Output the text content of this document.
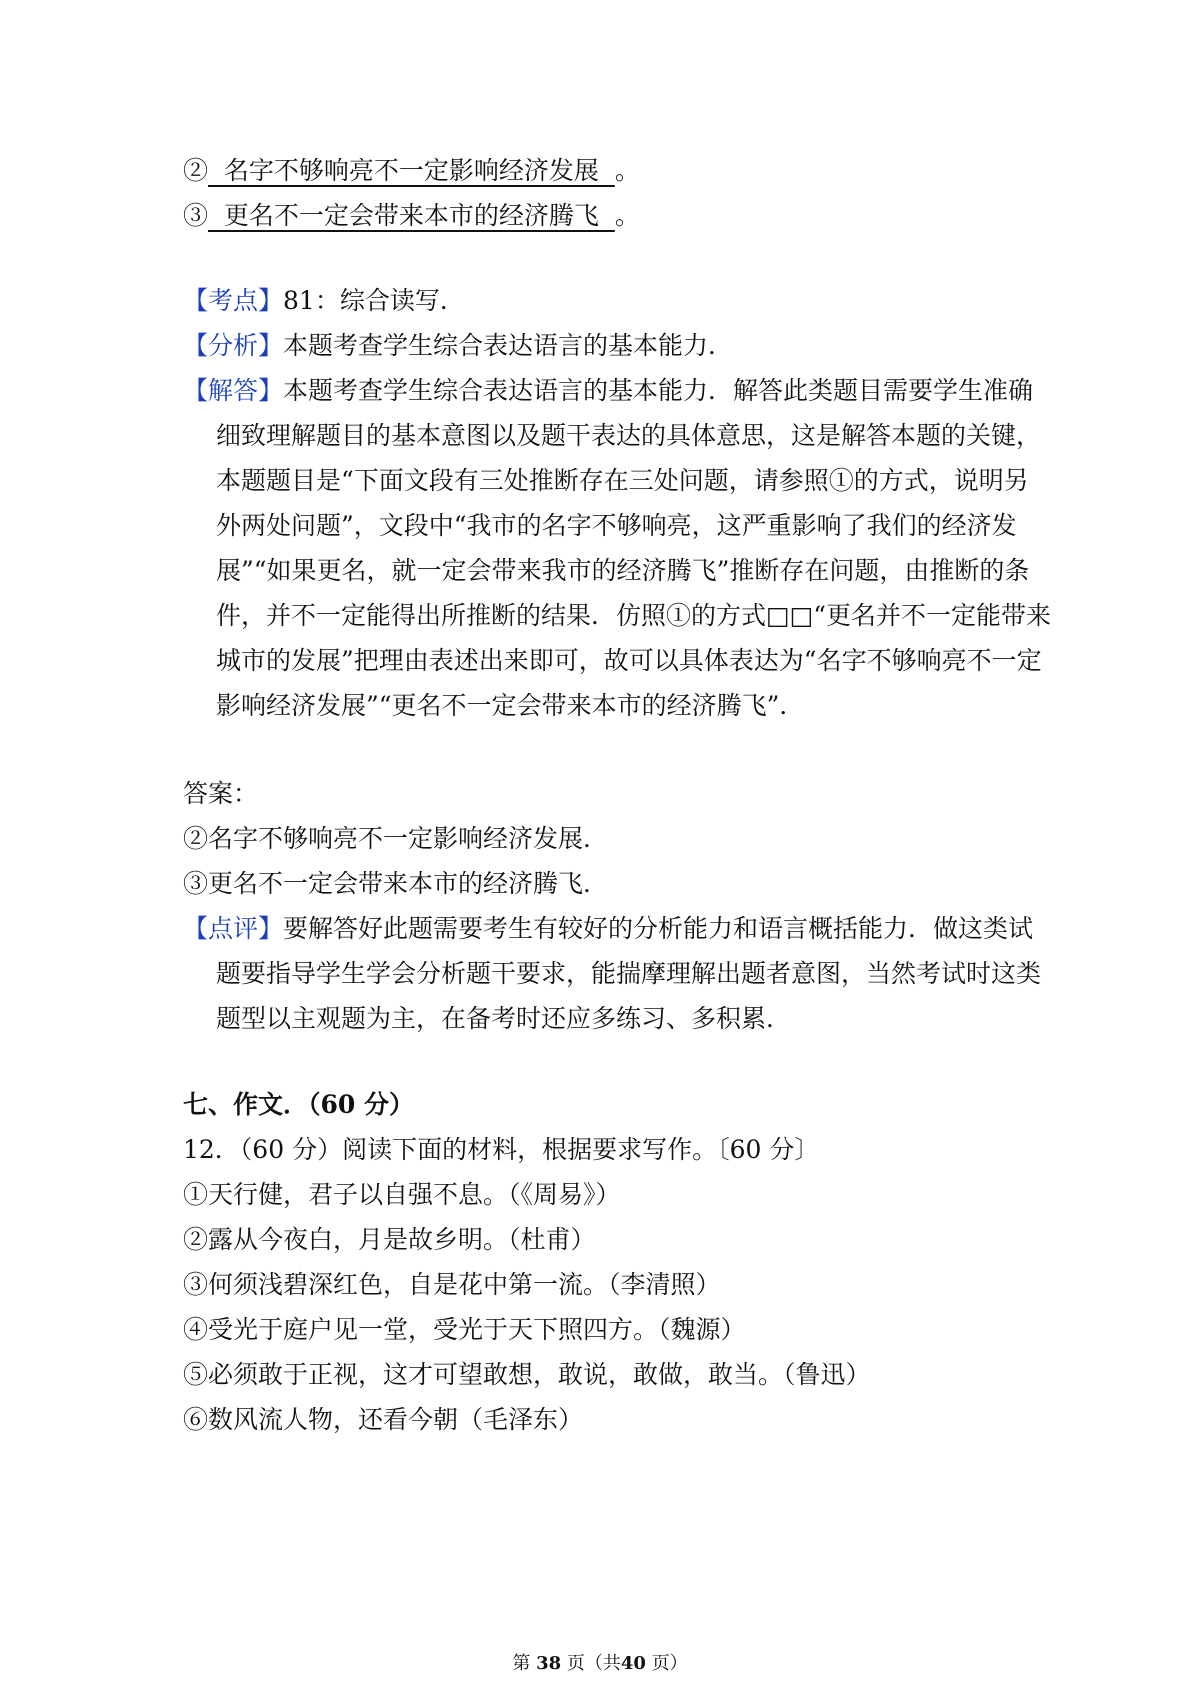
②  名字不够响亮不一定影响经济发展  。
③  更名不一定会带来本市的经济腾飞  。
【考点】81：综合读写．
【分析】本题考查学生综合表达语言的基本能力．
【解答】本题考查学生综合表达语言的基本能力．解答此类题目需要学生准确
细致理解题目的基本意图以及题干表达的具体意思，这是解答本题的关键，
本题题目是“下面文段有三处推断存在三处问题，请参照①的方式，说明另
外两处问题”，文段中“我市的名字不够响亮，这严重影响了我们的经济发
展”“如果更名，就一定会带来我市的经济腾飞”推断存在问题，由推断的条
件，并不一定能得出所推断的结果．仿照①的方式□□“更名并不一定能带来
城市的发展”把理由表述出来即可，故可以具体表达为“名字不够响亮不一定
影响经济发展”“更名不一定会带来本市的经济腾飞”．
答案：
②名字不够响亮不一定影响经济发展．
③更名不一定会带来本市的经济腾飞．
【点评】要解答好此题需要考生有较好的分析能力和语言概括能力．做这类试
题要指导学生学会分析题干要求，能揣摩理解出题者意图，当然考试时这类
题型以主观题为主，在备考时还应多练习、多积累．
七、作文．（60 分）
12．（60 分）阅读下面的材料，根据要求写作。〔60 分〕
①天行健，君子以自强不息。（《周易》）
②露从今夜白，月是故乡明。（杜甫）
③何须浅碧深红色，自是花中第一流。（李清照）
④受光于庭户见一堂，受光于天下照四方。（魏源）
⑤必须敢于正视，这才可望敢想，敢说，敢做，敢当。（鲁迅）
⑥数风流人物，还看今朝（毛泽东）
第 38 页（共40 页）
